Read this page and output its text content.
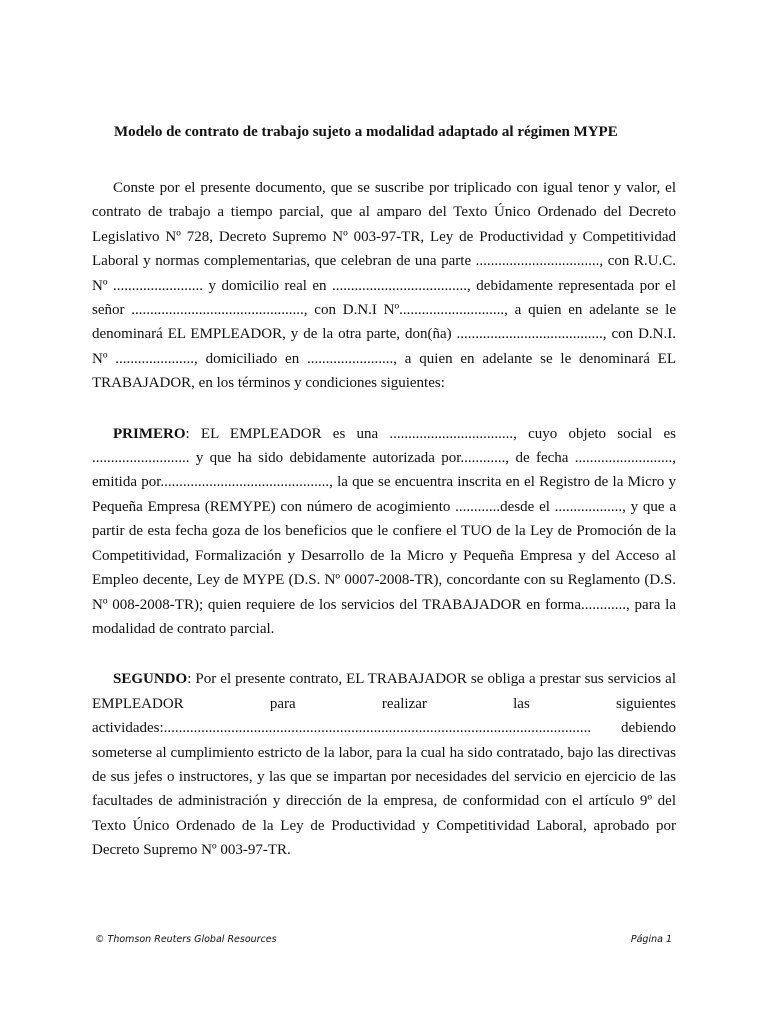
Modelo de contrato de trabajo sujeto a modalidad adaptado al régimen MYPE

Conste por el presente documento, que se suscribe por triplicado con igual tenor y valor, el contrato de trabajo a tiempo parcial, que al amparo del Texto Único Ordenado del Decreto Legislativo Nº 728, Decreto Supremo Nº 003-97-TR, Ley de Productividad y Competitividad Laboral y normas complementarias, que celebran de una parte ................................., con R.U.C. Nº ........................ y domicilio real en ...................................., debidamente representada por el señor .............................................., con D.N.I Nº............................, a quien en adelante se le denominará EL EMPLEADOR, y de la otra parte, don(ña) ......................................., con D.N.I. Nº ....................., domiciliado en ......................., a quien en adelante se le denominará EL TRABAJADOR, en los términos y condiciones siguientes:

PRIMERO: EL EMPLEADOR es una ................................., cuyo objeto social es .......................... y que ha sido debidamente autorizada por............, de fecha .........................., emitida por............................................., la que se encuentra inscrita en el Registro de la Micro y Pequeña Empresa (REMYPE) con número de acogimiento ............desde el .................., y que a partir de esta fecha goza de los beneficios que le confiere el TUO de la Ley de Promoción de la Competitividad, Formalización y Desarrollo de la Micro y Pequeña Empresa y del Acceso al Empleo decente, Ley de MYPE (D.S. Nº 0007-2008-TR), concordante con su Reglamento (D.S. Nº 008-2008-TR); quien requiere de los servicios del TRABAJADOR en forma............, para la modalidad de contrato parcial.

SEGUNDO: Por el presente contrato, EL TRABAJADOR se obliga a prestar sus servicios al EMPLEADOR para realizar las siguientes actividades:.................................................................................................................. debiendo someterse al cumplimiento estricto de la labor, para la cual ha sido contratado, bajo las directivas de sus jefes o instructores, y las que se impartan por necesidades del servicio en ejercicio de las facultades de administración y dirección de la empresa, de conformidad con el artículo 9º del Texto Único Ordenado de la Ley de Productividad y Competitividad Laboral, aprobado por Decreto Supremo Nº 003-97-TR.

© Thomson Reuters Global Resources	Página 1
